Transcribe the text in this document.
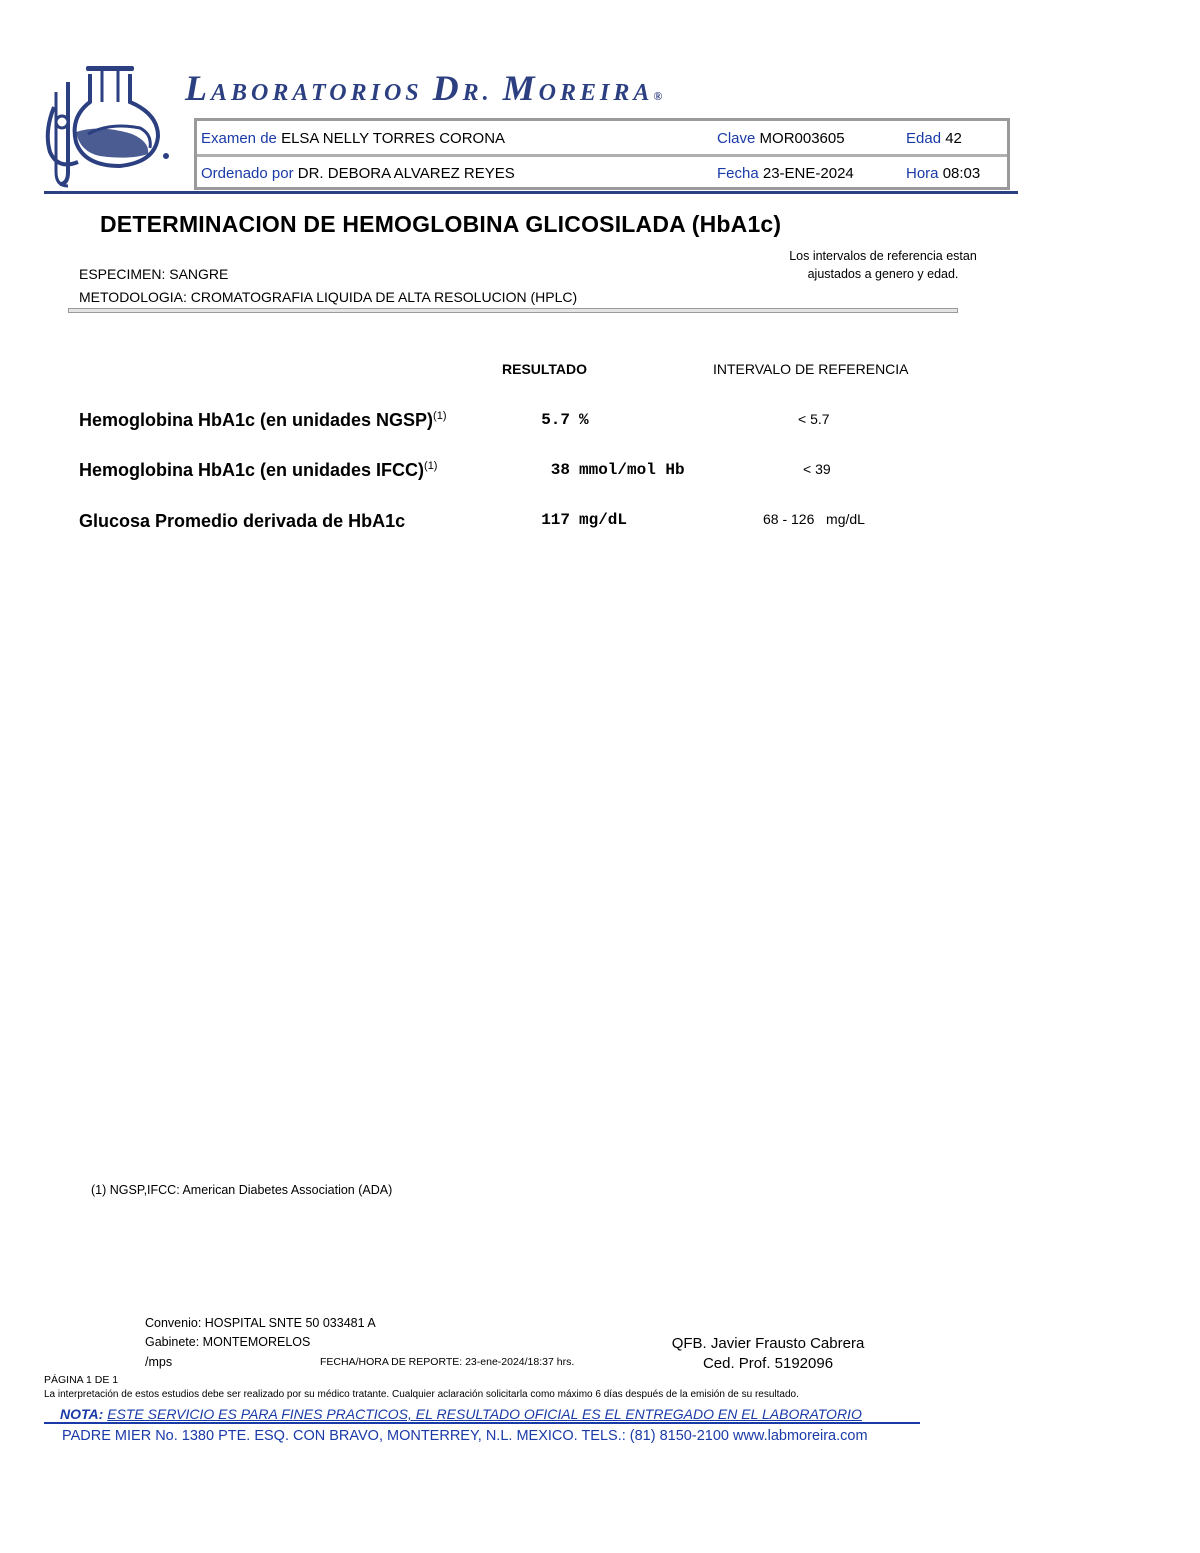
LABORATORIOS DR. MOREIRA®
Examen de ELSA NELLY TORRES CORONA	Clave MOR003605	Edad 42
Ordenado por DR. DEBORA ALVAREZ REYES	Fecha 23-ENE-2024	Hora 08:03
DETERMINACION DE HEMOGLOBINA GLICOSILADA (HbA1c)
Los intervalos de referencia estan
ajustados a genero y edad.
ESPECIMEN: SANGRE
METODOLOGIA: CROMATOGRAFIA LIQUIDA DE ALTA RESOLUCION (HPLC)
RESULTADO	INTERVALO DE REFERENCIA
Hemoglobina HbA1c (en unidades NGSP)$^{(1)}$	5.7 %	< 5.7
Hemoglobina HbA1c (en unidades IFCC)$^{(1)}$	38 mmol/mol Hb	< 39
Glucosa Promedio derivada de HbA1c	117 mg/dL	68 - 126   mg/dL
(1) NGSP,IFCC: American Diabetes Association (ADA)
Convenio: HOSPITAL SNTE 50 033481 A
Gabinete: MONTEMORELOS
/mps	FECHA/HORA DE REPORTE: 23-ene-2024/18:37 hrs.
QFB. Javier Frausto Cabrera
Ced. Prof. 5192096
PÁGINA 1 DE 1
La interpretación de estos estudios debe ser realizado por su médico tratante. Cualquier aclaración solicitarla como máximo 6 días después de la emisión de su resultado.
NOTA: ESTE SERVICIO ES PARA FINES PRACTICOS, EL RESULTADO OFICIAL ES EL ENTREGADO EN EL LABORATORIO
PADRE MIER No. 1380 PTE. ESQ. CON BRAVO, MONTERREY, N.L. MEXICO. TELS.: (81) 8150-2100 www.labmoreira.com
